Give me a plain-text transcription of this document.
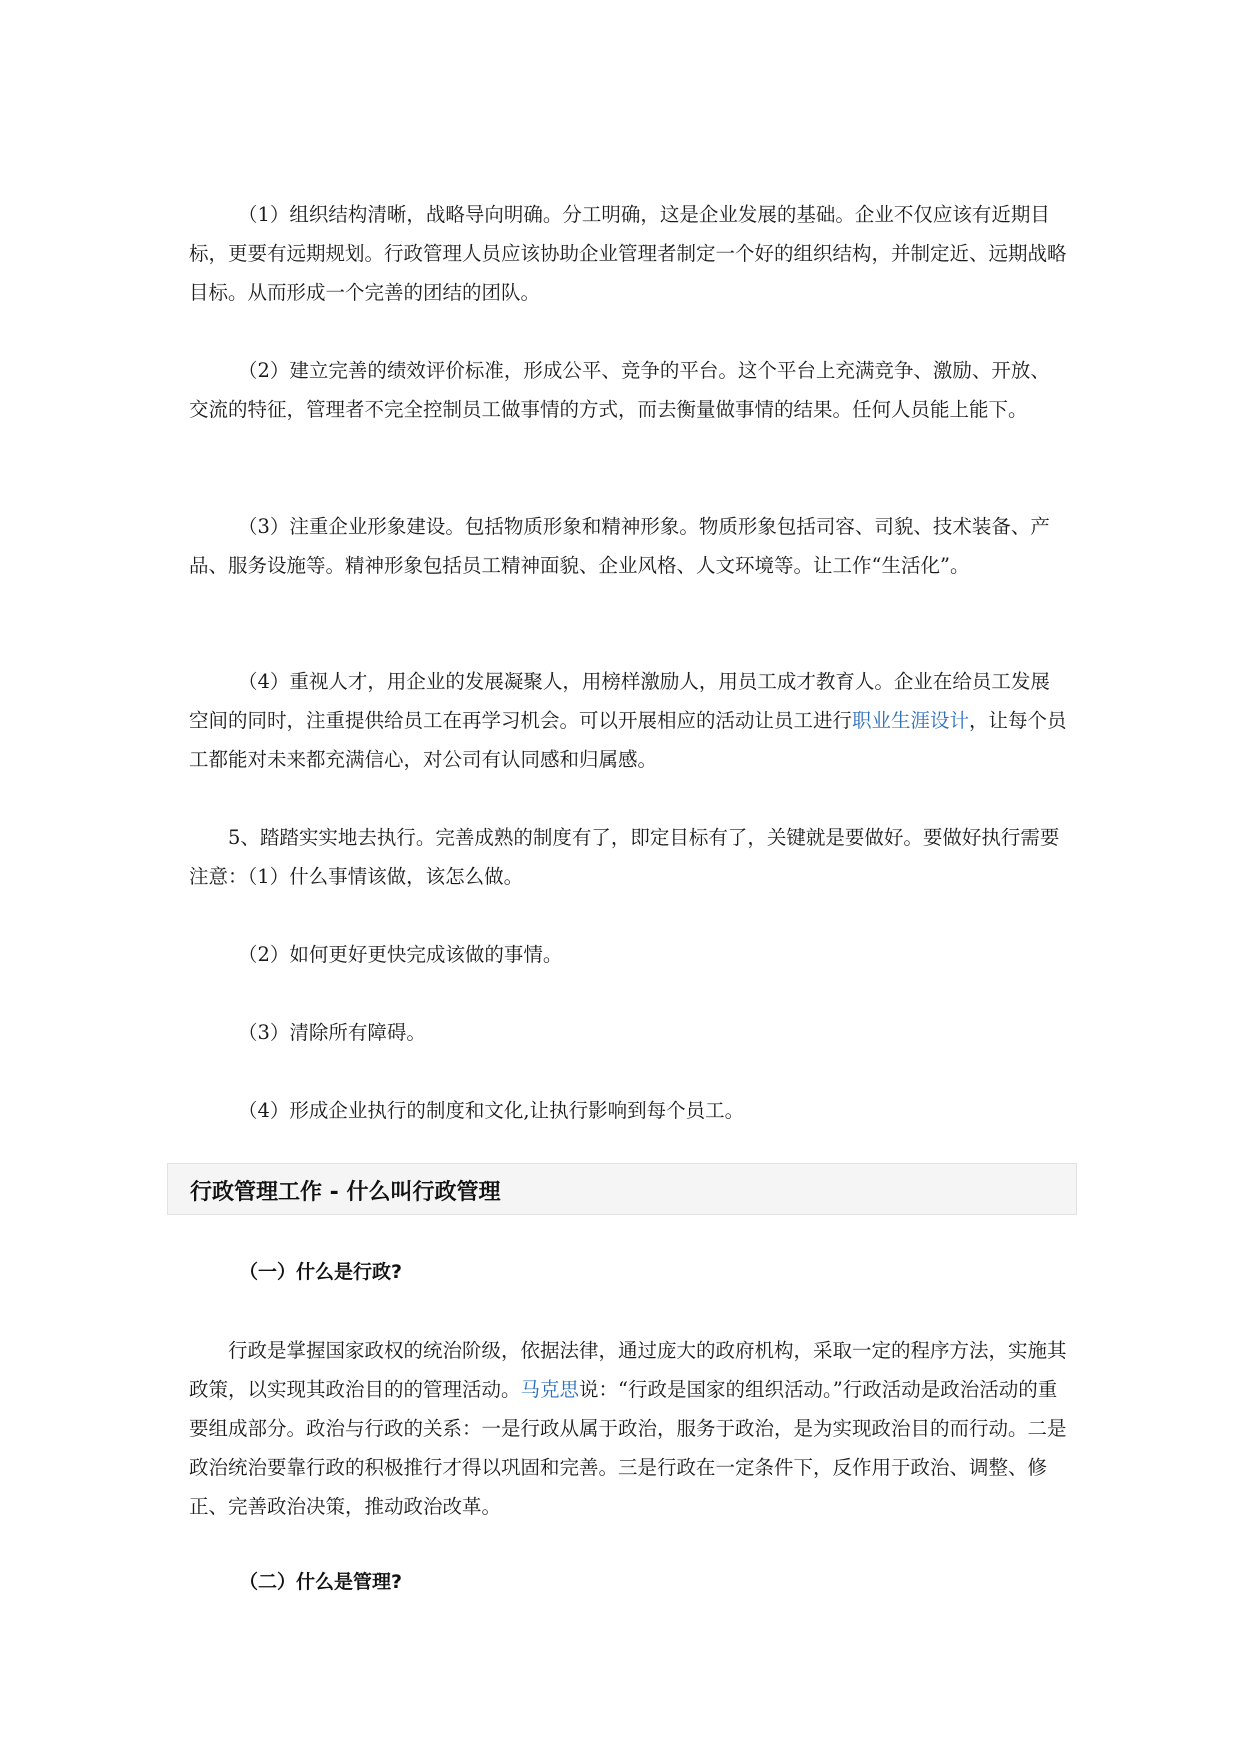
（1）组织结构清晰，战略导向明确。分工明确，这是企业发展的基础。企业不仅应该有近期目标，更要有远期规划。行政管理人员应该协助企业管理者制定一个好的组织结构，并制定近、远期战略目标。从而形成一个完善的团结的团队。

（2）建立完善的绩效评价标准，形成公平、竞争的平台。这个平台上充满竞争、激励、开放、交流的特征，管理者不完全控制员工做事情的方式，而去衡量做事情的结果。任何人员能上能下。

（3）注重企业形象建设。包括物质形象和精神形象。物质形象包括司容、司貌、技术装备、产品、服务设施等。精神形象包括员工精神面貌、企业风格、人文环境等。让工作“生活化”。

（4）重视人才，用企业的发展凝聚人，用榜样激励人，用员工成才教育人。企业在给员工发展空间的同时，注重提供给员工在再学习机会。可以开展相应的活动让员工进行职业生涯设计，让每个员工都能对未来都充满信心，对公司有认同感和归属感。

5、踏踏实实地去执行。完善成熟的制度有了，即定目标有了，关键就是要做好。要做好执行需要注意：（1）什么事情该做，该怎么做。

（2）如何更好更快完成该做的事情。

（3）清除所有障碍。

（4）形成企业执行的制度和文化,让执行影响到每个员工。

行政管理工作 - 什么叫行政管理
（一）什么是行政?

行政是掌握国家政权的统治阶级，依据法律，通过庞大的政府机构，采取一定的程序方法，实施其政策，以实现其政治目的的管理活动。马克思说：“行政是国家的组织活动。”行政活动是政治活动的重要组成部分。政治与行政的关系：一是行政从属于政治，服务于政治，是为实现政治目的而行动。二是政治统治要靠行政的积极推行才得以巩固和完善。三是行政在一定条件下，反作用于政治、调整、修正、完善政治决策，推动政治改革。

（二）什么是管理?
